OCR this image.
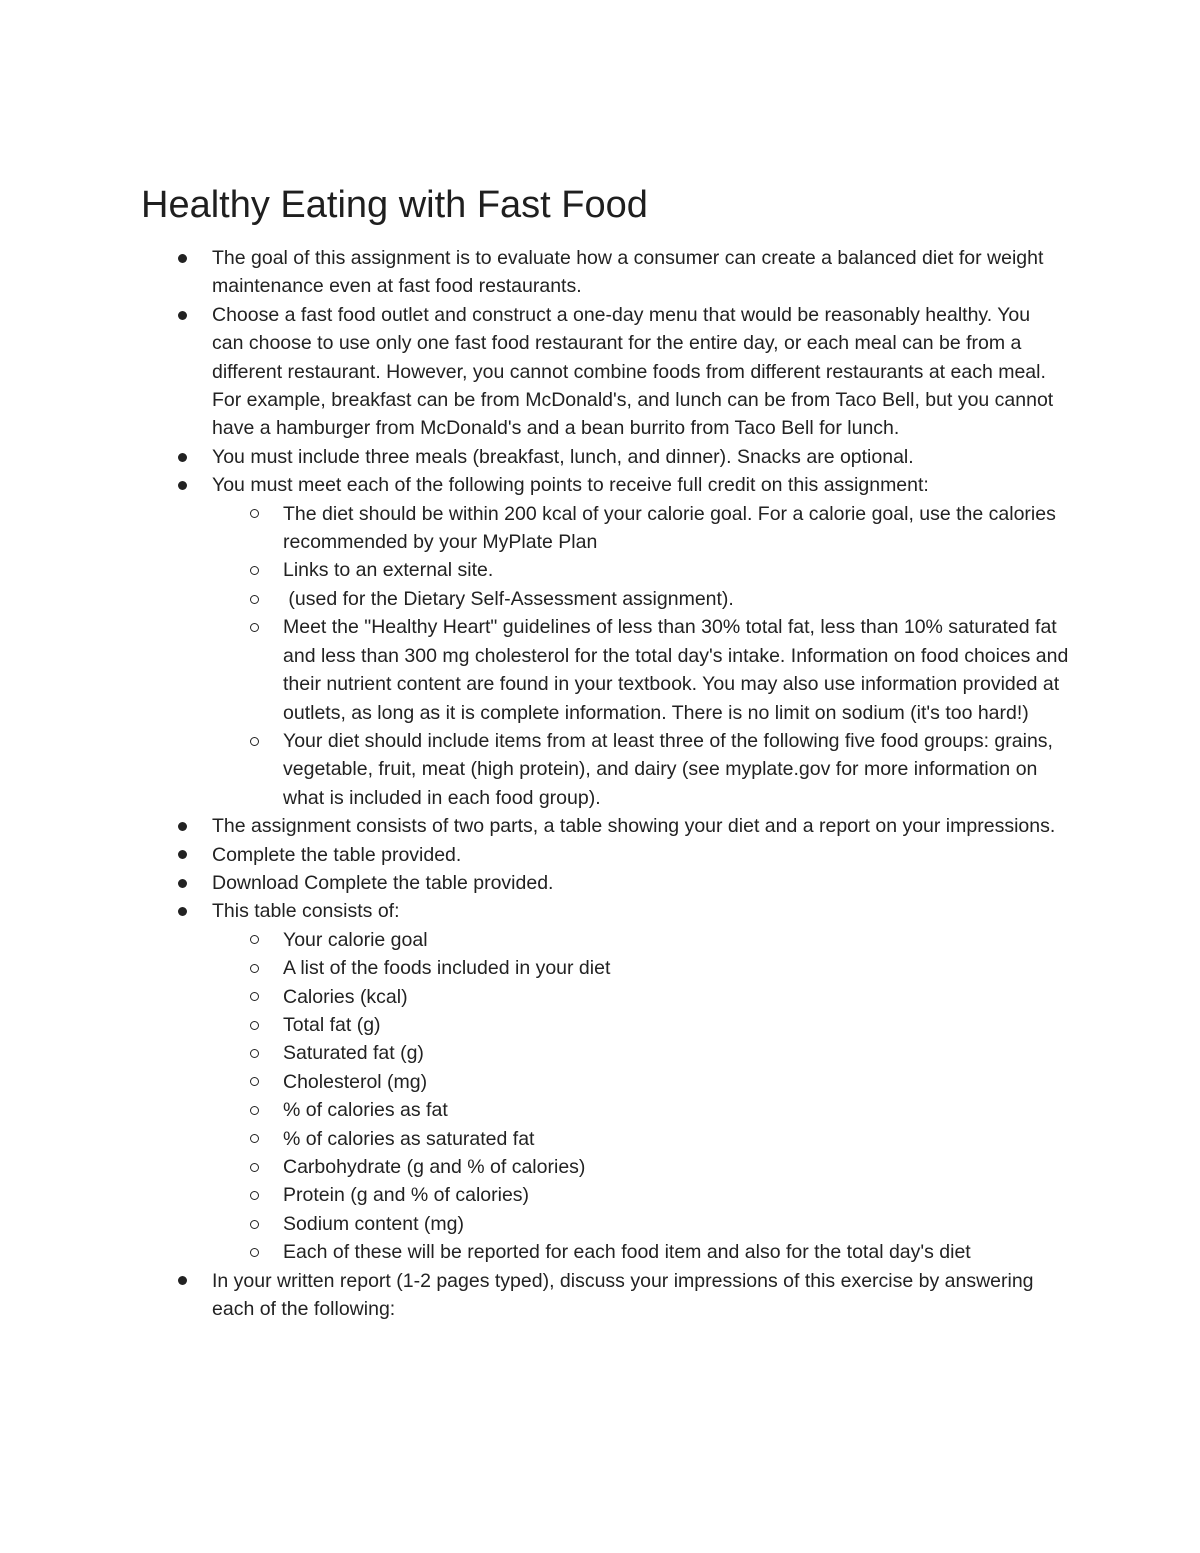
Healthy Eating with Fast Food

The goal of this assignment is to evaluate how a consumer can create a balanced diet for weight maintenance even at fast food restaurants.

Choose a fast food outlet and construct a one-day menu that would be reasonably healthy. You can choose to use only one fast food restaurant for the entire day, or each meal can be from a different restaurant. However, you cannot combine foods from different restaurants at each meal. For example, breakfast can be from McDonald's, and lunch can be from Taco Bell, but you cannot have a hamburger from McDonald's and a bean burrito from Taco Bell for lunch.

You must include three meals (breakfast, lunch, and dinner). Snacks are optional.

You must meet each of the following points to receive full credit on this assignment:

The diet should be within 200 kcal of your calorie goal. For a calorie goal, use the calories recommended by your MyPlate Plan

Links to an external site.

(used for the Dietary Self-Assessment assignment).

Meet the "Healthy Heart" guidelines of less than 30% total fat, less than 10% saturated fat and less than 300 mg cholesterol for the total day's intake. Information on food choices and their nutrient content are found in your textbook. You may also use information provided at outlets, as long as it is complete information. There is no limit on sodium (it's too hard!)

Your diet should include items from at least three of the following five food groups: grains, vegetable, fruit, meat (high protein), and dairy (see myplate.gov for more information on what is included in each food group).

The assignment consists of two parts, a table showing your diet and a report on your impressions.

Complete the table provided.

Download Complete the table provided.

This table consists of:

Your calorie goal

A list of the foods included in your diet

Calories (kcal)

Total fat (g)

Saturated fat (g)

Cholesterol (mg)

% of calories as fat

% of calories as saturated fat

Carbohydrate (g and % of calories)

Protein (g and % of calories)

Sodium content (mg)

Each of these will be reported for each food item and also for the total day's diet

In your written report (1-2 pages typed), discuss your impressions of this exercise by answering each of the following:
